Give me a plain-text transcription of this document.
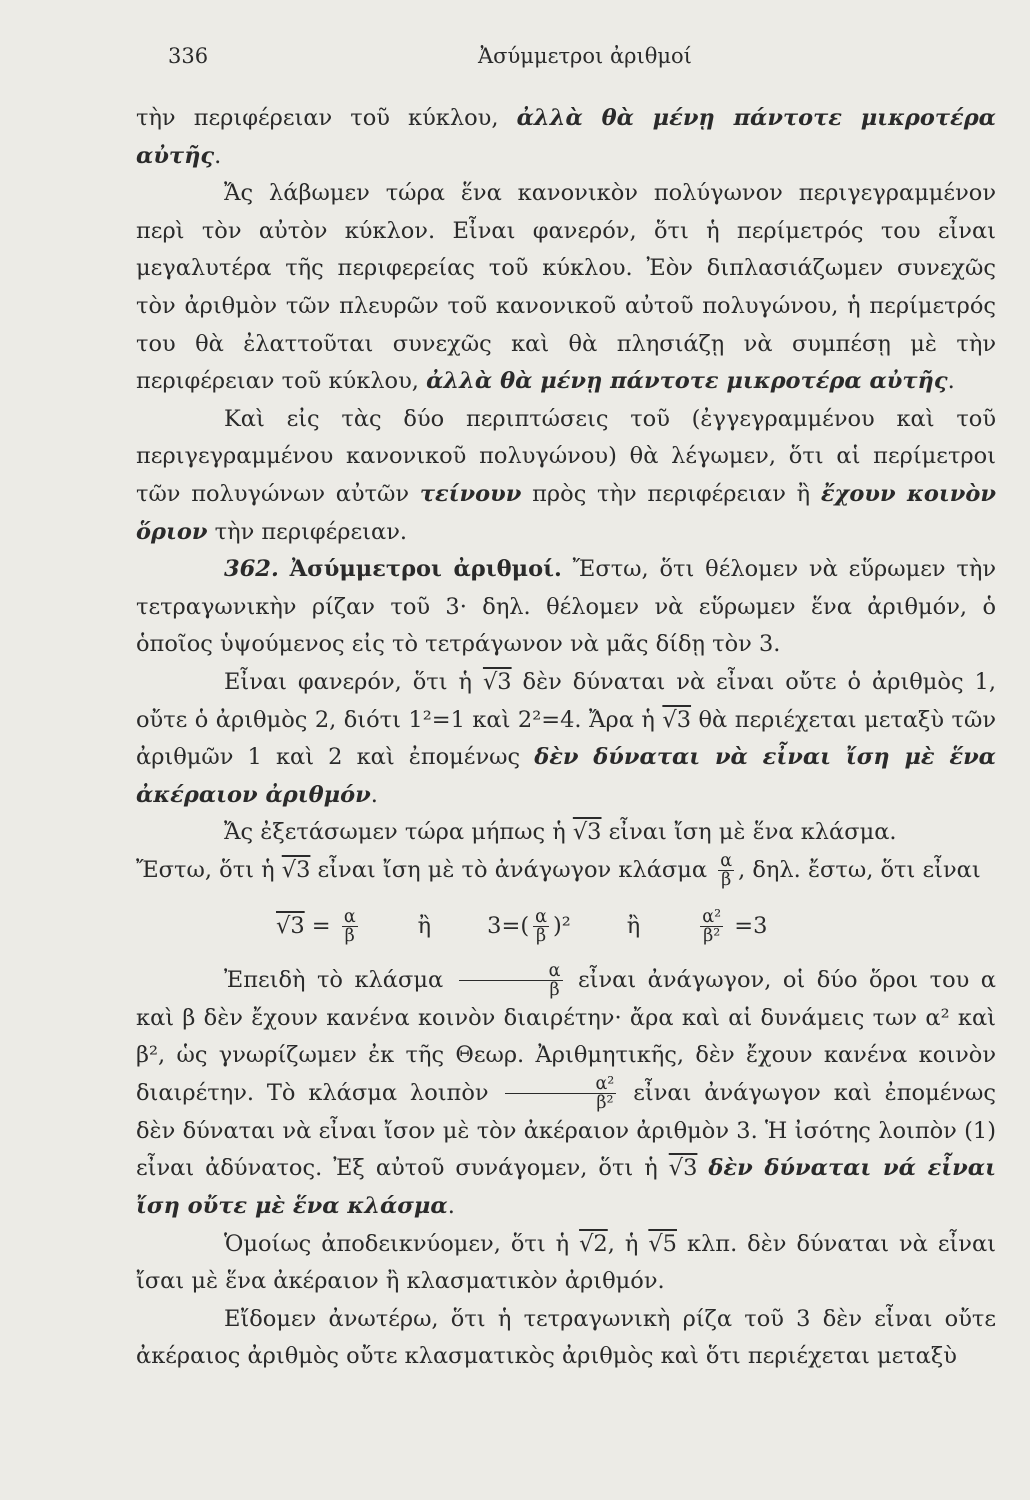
336	Ἀσύμμετροι ἀριθμοί

τὴν περιφέρειαν τοῦ κύκλου, ἀλλὰ θὰ μένῃ πάντοτε μικροτέρα αὐτῆς.

Ἄς λάβωμεν τώρα ἕνα κανονικὸν πολύγωνον περιγεγραμμένον περὶ τὸν αὐτὸν κύκλον. Εἶναι φανερόν, ὅτι ἡ περίμετρός του εἶναι μεγαλυτέρα τῆς περιφερείας τοῦ κύκλου. Ἐὸν διπλασιάζωμεν συνεχῶς τὸν ἀριθμὸν τῶν πλευρῶν τοῦ κανονικοῦ αὐτοῦ πολυγώνου, ἡ περίμετρός του θὰ ἐλαττοῦται συνεχῶς καὶ θὰ πλησιάζῃ νὰ συμπέσῃ μὲ τὴν περιφέρειαν τοῦ κύκλου, ἀλλὰ θὰ μένῃ πάντοτε μικροτέρα αὐτῆς.

Καὶ εἰς τὰς δύο περιπτώσεις τοῦ (ἐγγεγραμμένου καὶ τοῦ περιγεγραμμένου κανονικοῦ πολυγώνου) θὰ λέγωμεν, ὅτι αἱ περίμετροι τῶν πολυγώνων αὐτῶν τείνουν πρὸς τὴν περιφέρειαν ἢ ἔχουν κοινὸν ὅριον τὴν περιφέρειαν.

362. Ἀσύμμετροι ἀριθμοί. Ἔστω, ὅτι θέλομεν νὰ εὕρωμεν τὴν τετραγωνικὴν ρίζαν τοῦ 3· δηλ. θέλομεν νὰ εὕρωμεν ἕνα ἀριθμόν, ὁ ὁποῖος ὑψούμενος εἰς τὸ τετράγωνον νὰ μᾶς δίδῃ τὸν 3.

Εἶναι φανερόν, ὅτι ἡ √3 δὲν δύναται νὰ εἶναι οὔτε ὁ ἀριθμὸς 1, οὔτε ὁ ἀριθμὸς 2, διότι 1²=1 καὶ 2²=4. Ἄρα ἡ √3 θὰ περιέχεται μεταξὺ τῶν ἀριθμῶν 1 καὶ 2 καὶ ἐπομένως δὲν δύναται νὰ εἶναι ἴση μὲ ἕνα ἀκέραιον ἀριθμόν.

Ἄς ἐξετάσωμεν τώρα μήπως ἡ √3 εἶναι ἴση μὲ ἕνα κλάσμα.

Ἔστω, ὅτι ἡ √3 εἶναι ἴση μὲ τὸ ἀνάγωγον κλάσμα $\frac{\alpha}{\beta}$ , δηλ. ἔστω, ὅτι εἶναι

$√3 = \frac{\alpha}{\beta}$	ἢ $3=( \frac{\alpha}{\beta} )^2$ ἢ	$\frac{\text{α²}}{\text{β²}} =3$

Ἐπειδὴ τὸ κλάσμα $\frac{\alpha}{\beta}$ εἶναι ἀνάγωγον, οἱ δύο ὅροι του α καὶ β δὲν ἔχουν κανένα κοινὸν διαιρέτην· ἄρα καὶ αἱ δυνάμεις των α² καὶ β², ὡς γνωρίζωμεν ἐκ τῆς Θεωρ. Ἀριθμητικῆς, δὲν ἔχουν κανένα κοινὸν διαιρέτην. Τὸ κλάσμα λοιπὸν $\frac{\text{α²}}{\text{β²}}$ εἶναι ἀνάγωγον καὶ ἐπομένως δὲν δύναται νὰ εἶναι ἴσον μὲ τὸν ἀκέραιον ἀριθμὸν 3. Ἡ ἰσότης λοιπὸν (1) εἶναι ἀδύνατος. Ἐξ αὐτοῦ συνάγομεν, ὅτι ἡ √3 δὲν δύναται νά εἶναι ἴση οὔτε μὲ ἕνα κλάσμα.

Ὁμοίως ἀποδεικνύομεν, ὅτι ἡ √2, ἡ √5 κλπ. δὲν δύναται νὰ εἶναι ἴσαι μὲ ἕνα ἀκέραιον ἢ κλασματικὸν ἀριθμόν.

Εἴδομεν ἀνωτέρω, ὅτι ἡ τετραγωνικὴ ρίζα τοῦ 3 δὲν εἶναι οὔτε ἀκέραιος ἀριθμὸς οὔτε κλασματικὸς ἀριθμὸς καὶ ὅτι περιέχεται μεταξὺ
